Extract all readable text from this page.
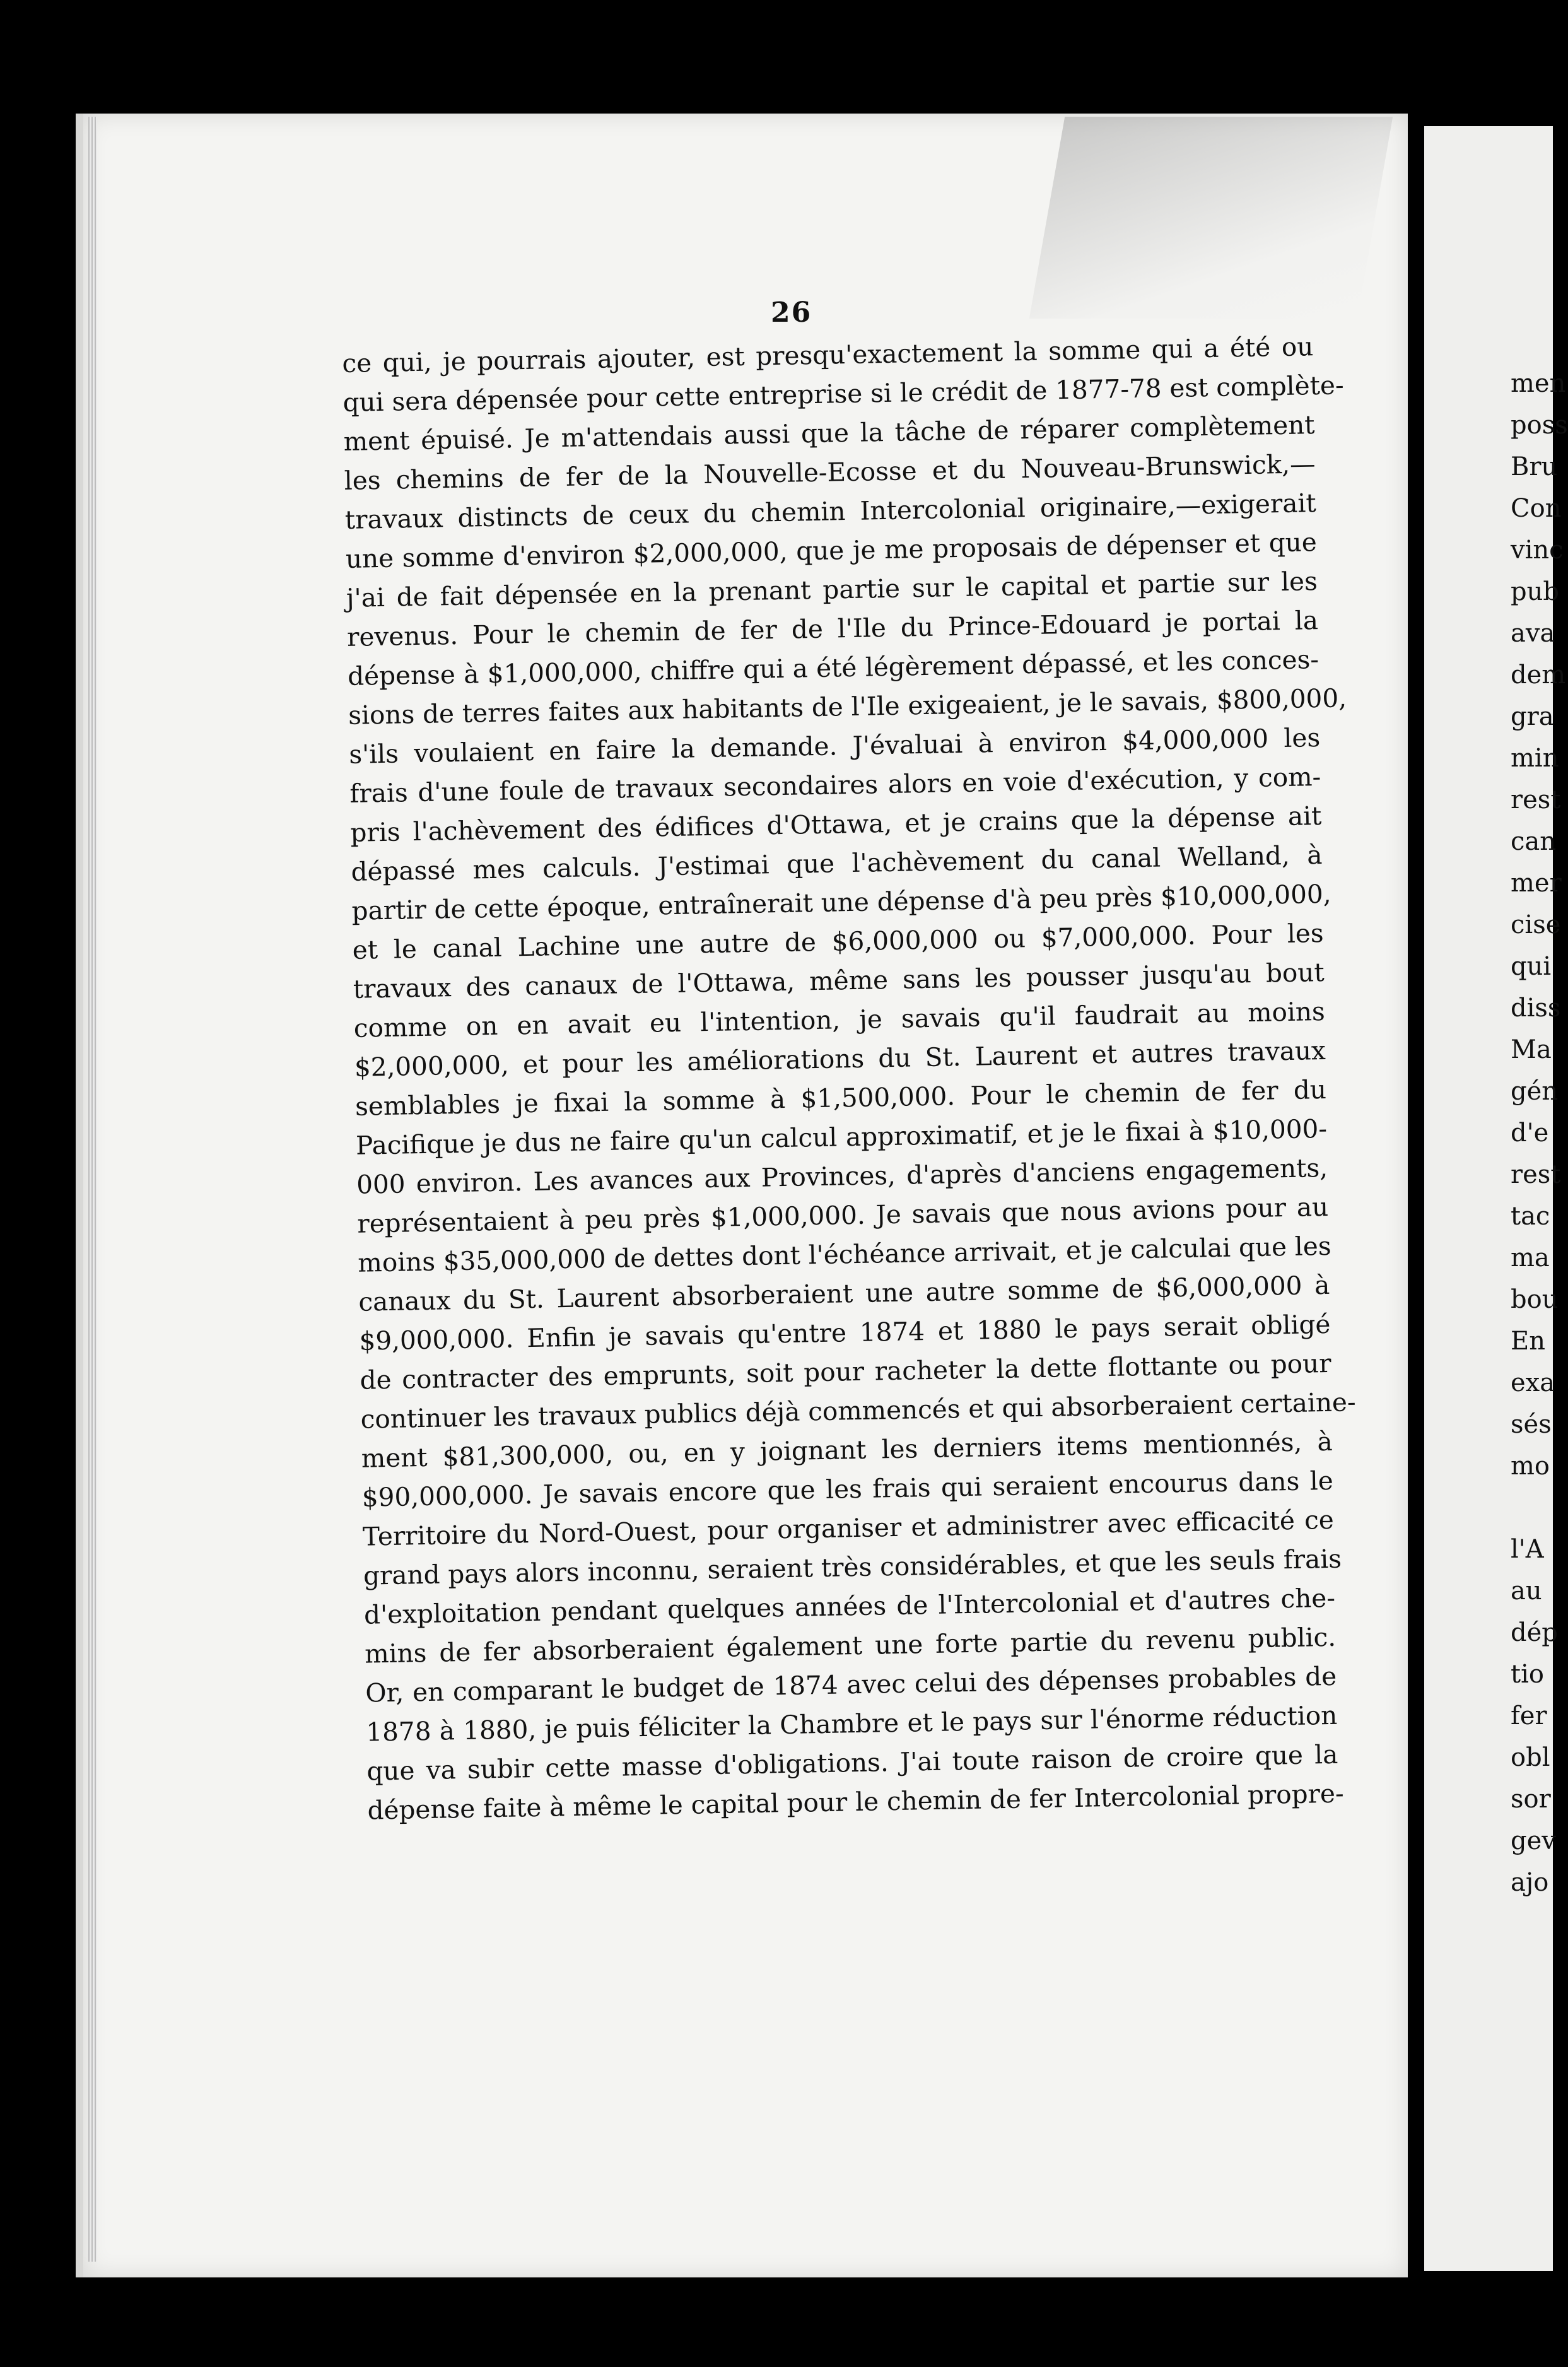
26
ce qui, je pourrais ajouter, est presqu'exactement la somme qui a été ou
qui sera dépensée pour cette entreprise si le crédit de 1877-78 est complète-
ment épuisé. Je m'attendais aussi que la tâche de réparer complètement
les chemins de fer de la Nouvelle-Ecosse et du Nouveau-Brunswick,—
travaux distincts de ceux du chemin Intercolonial originaire,—exigerait
une somme d'environ $2,000,000, que je me proposais de dépenser et que
j'ai de fait dépensée en la prenant partie sur le capital et partie sur les
revenus. Pour le chemin de fer de l'Ile du Prince-Edouard je portai la
dépense à $1,000,000, chiffre qui a été légèrement dépassé, et les conces-
sions de terres faites aux habitants de l'Ile exigeaient, je le savais, $800,000,
s'ils voulaient en faire la demande. J'évaluai à environ $4,000,000 les
frais d'une foule de travaux secondaires alors en voie d'exécution, y com-
pris l'achèvement des édifices d'Ottawa, et je crains que la dépense ait
dépassé mes calculs. J'estimai que l'achèvement du canal Welland, à
partir de cette époque, entraînerait une dépense d'à peu près $10,000,000,
et le canal Lachine une autre de $6,000,000 ou $7,000,000. Pour les
travaux des canaux de l'Ottawa, même sans les pousser jusqu'au bout
comme on en avait eu l'intention, je savais qu'il faudrait au moins
$2,000,000, et pour les améliorations du St. Laurent et autres travaux
semblables je fixai la somme à $1,500,000. Pour le chemin de fer du
Pacifique je dus ne faire qu'un calcul approximatif, et je le fixai à $10,000-
000 environ. Les avances aux Provinces, d'après d'anciens engagements,
représentaient à peu près $1,000,000. Je savais que nous avions pour au
moins $35,000,000 de dettes dont l'échéance arrivait, et je calculai que les
canaux du St. Laurent absorberaient une autre somme de $6,000,000 à
$9,000,000. Enfin je savais qu'entre 1874 et 1880 le pays serait obligé
de contracter des emprunts, soit pour racheter la dette flottante ou pour
continuer les travaux publics déjà commencés et qui absorberaient certaine-
ment $81,300,000, ou, en y joignant les derniers items mentionnés, à
$90,000,000. Je savais encore que les frais qui seraient encourus dans le
Territoire du Nord-Ouest, pour organiser et administrer avec efficacité ce
grand pays alors inconnu, seraient très considérables, et que les seuls frais
d'exploitation pendant quelques années de l'Intercolonial et d'autres che-
mins de fer absorberaient également une forte partie du revenu public.
Or, en comparant le budget de 1874 avec celui des dépenses probables de
1878 à 1880, je puis féliciter la Chambre et le pays sur l'énorme réduction
que va subir cette masse d'obligations. J'ai toute raison de croire que la
dépense faite à même le capital pour le chemin de fer Intercolonial propre-
men
poss
Bru
Con
vinc
pub
ava
dem
gra
min
rest
can
mer
cise
qui
diss
Ma
gén
d'e
rest
tac
ma
bou
En
exa
sés
mo

l'A
au
dép
tio
fer
obl
sor
gev
ajo
